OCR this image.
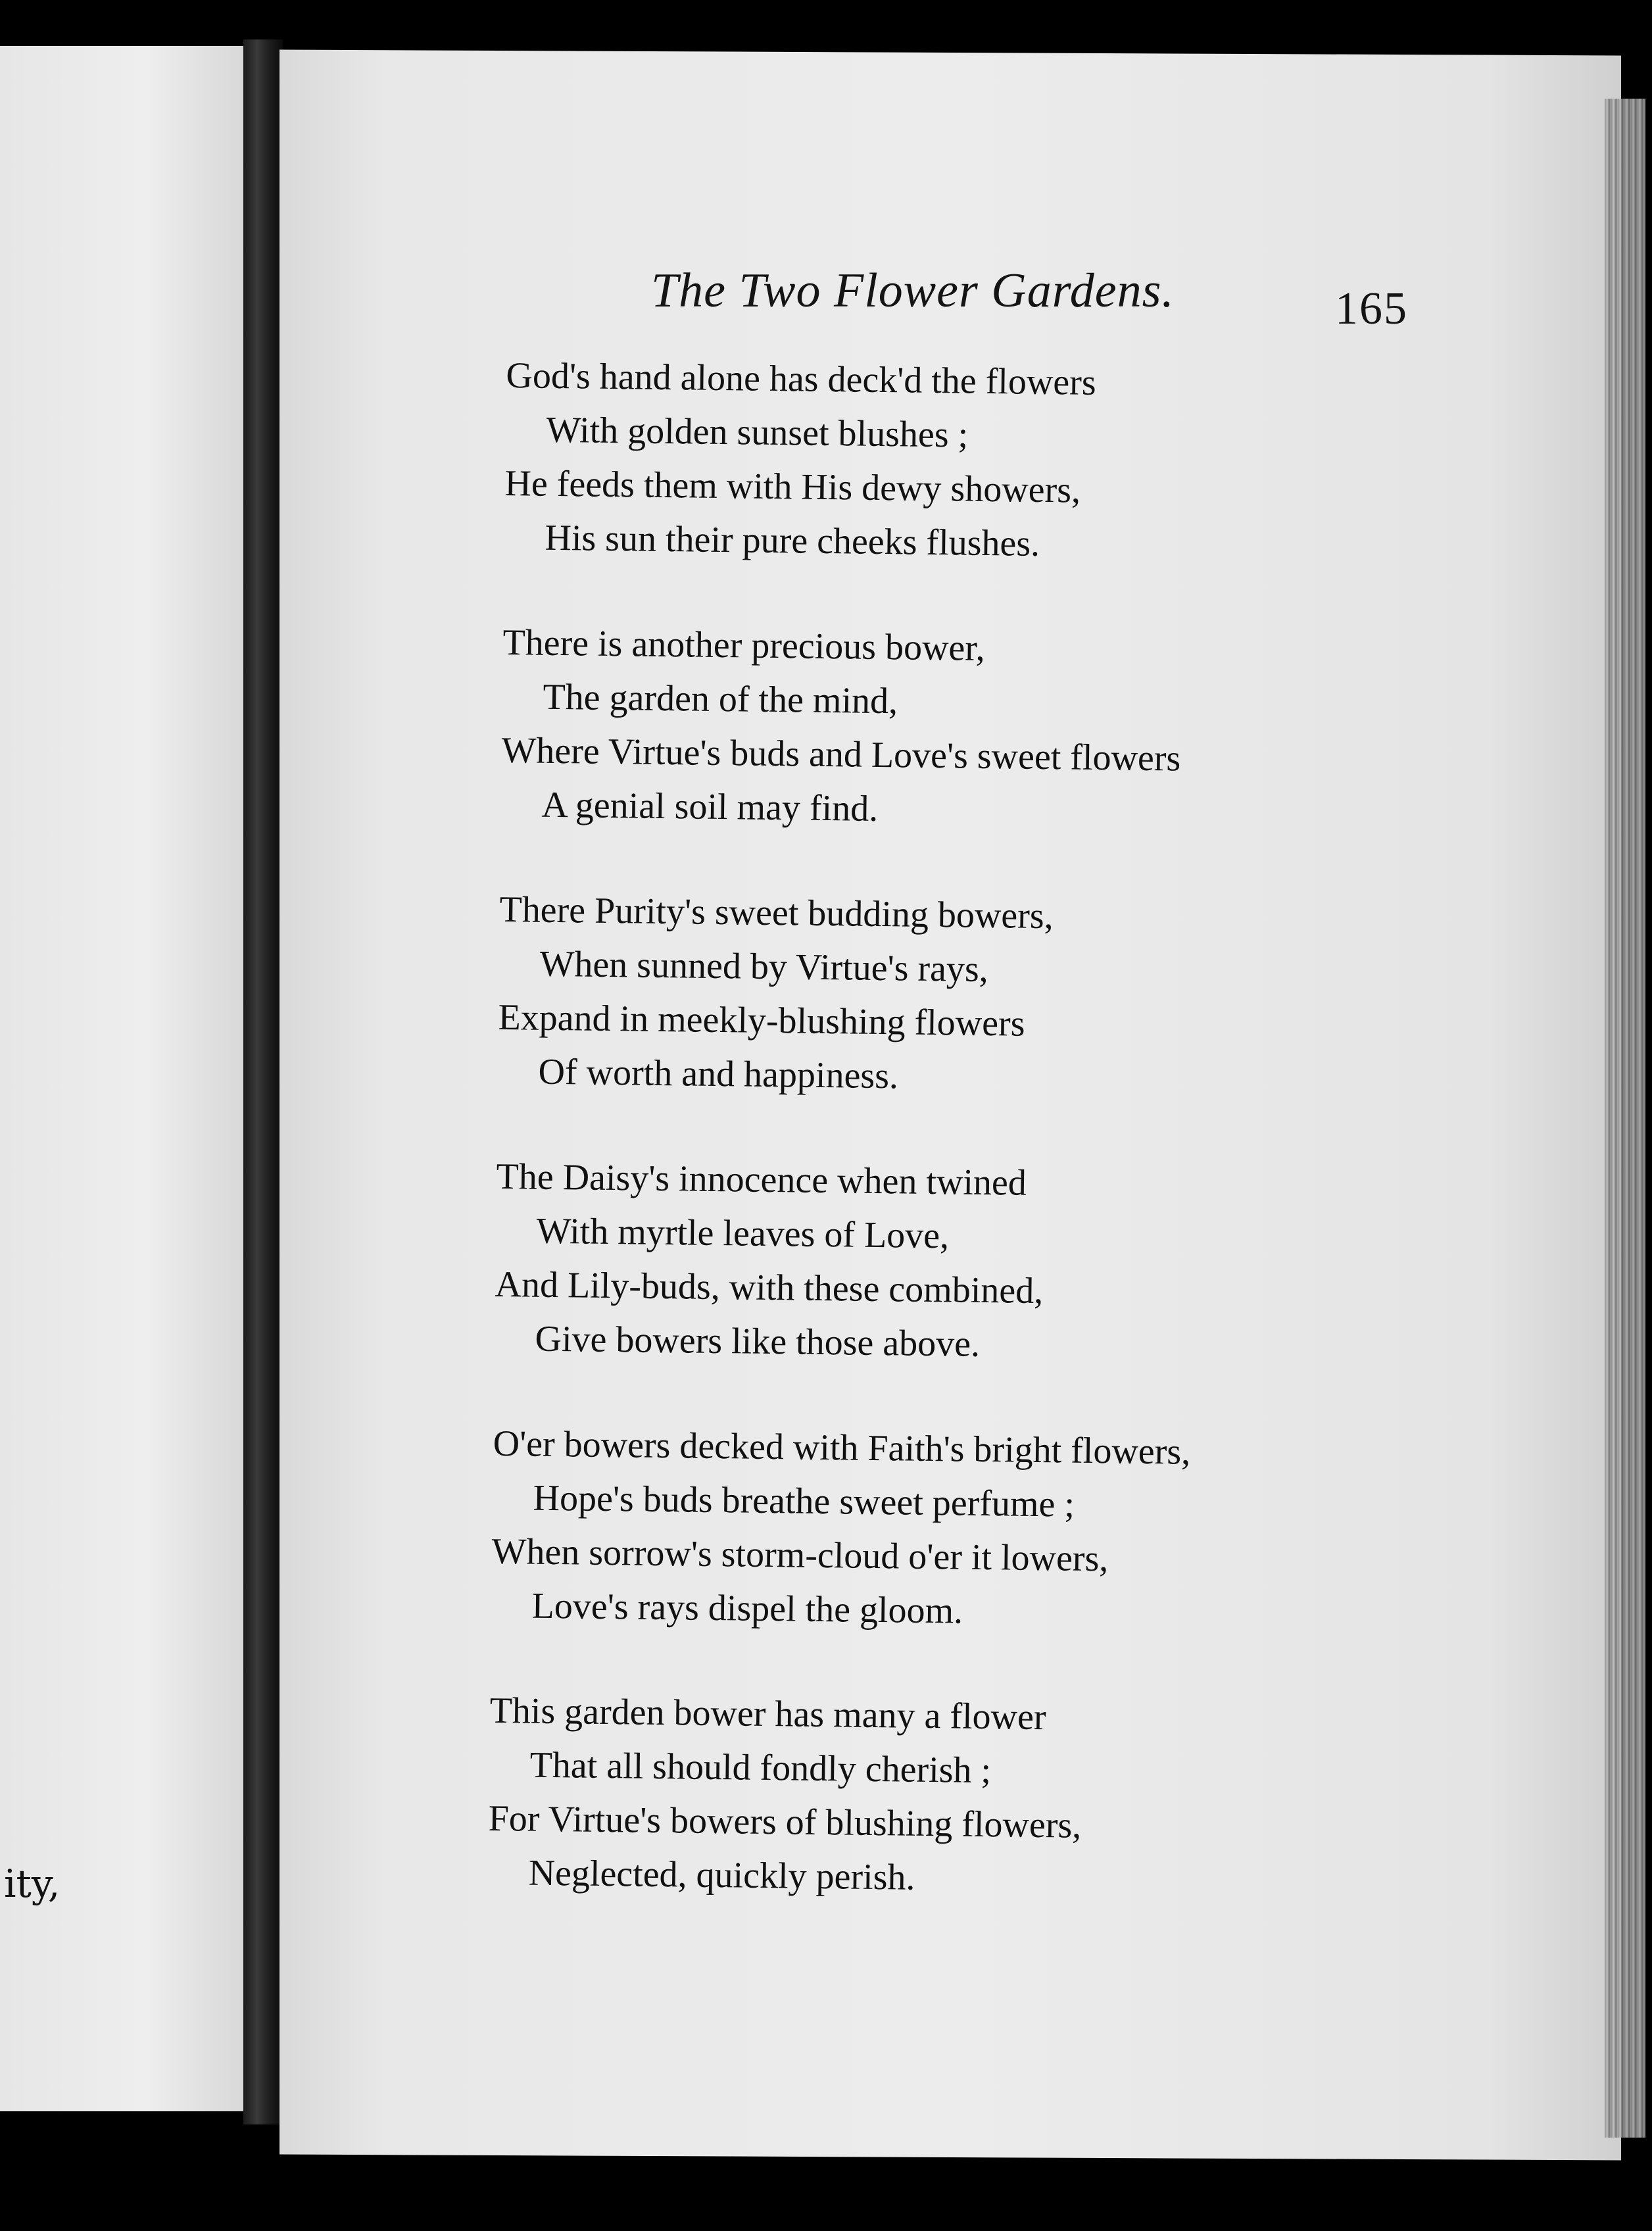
ity,
The Two Flower Gardens.	165
God's hand alone has deck'd the flowers
With golden sunset blushes ;
He feeds them with His dewy showers,
His sun their pure cheeks flushes.
There is another precious bower,
The garden of the mind,
Where Virtue's buds and Love's sweet flowers
A genial soil may find.
There Purity's sweet budding bowers,
When sunned by Virtue's rays,
Expand in meekly-blushing flowers
Of worth and happiness.
The Daisy's innocence when twined
With myrtle leaves of Love,
And Lily-buds, with these combined,
Give bowers like those above.
O'er bowers decked with Faith's bright flowers,
Hope's buds breathe sweet perfume ;
When sorrow's storm-cloud o'er it lowers,
Love's rays dispel the gloom.
This garden bower has many a flower
That all should fondly cherish ;
For Virtue's bowers of blushing flowers,
Neglected, quickly perish.
